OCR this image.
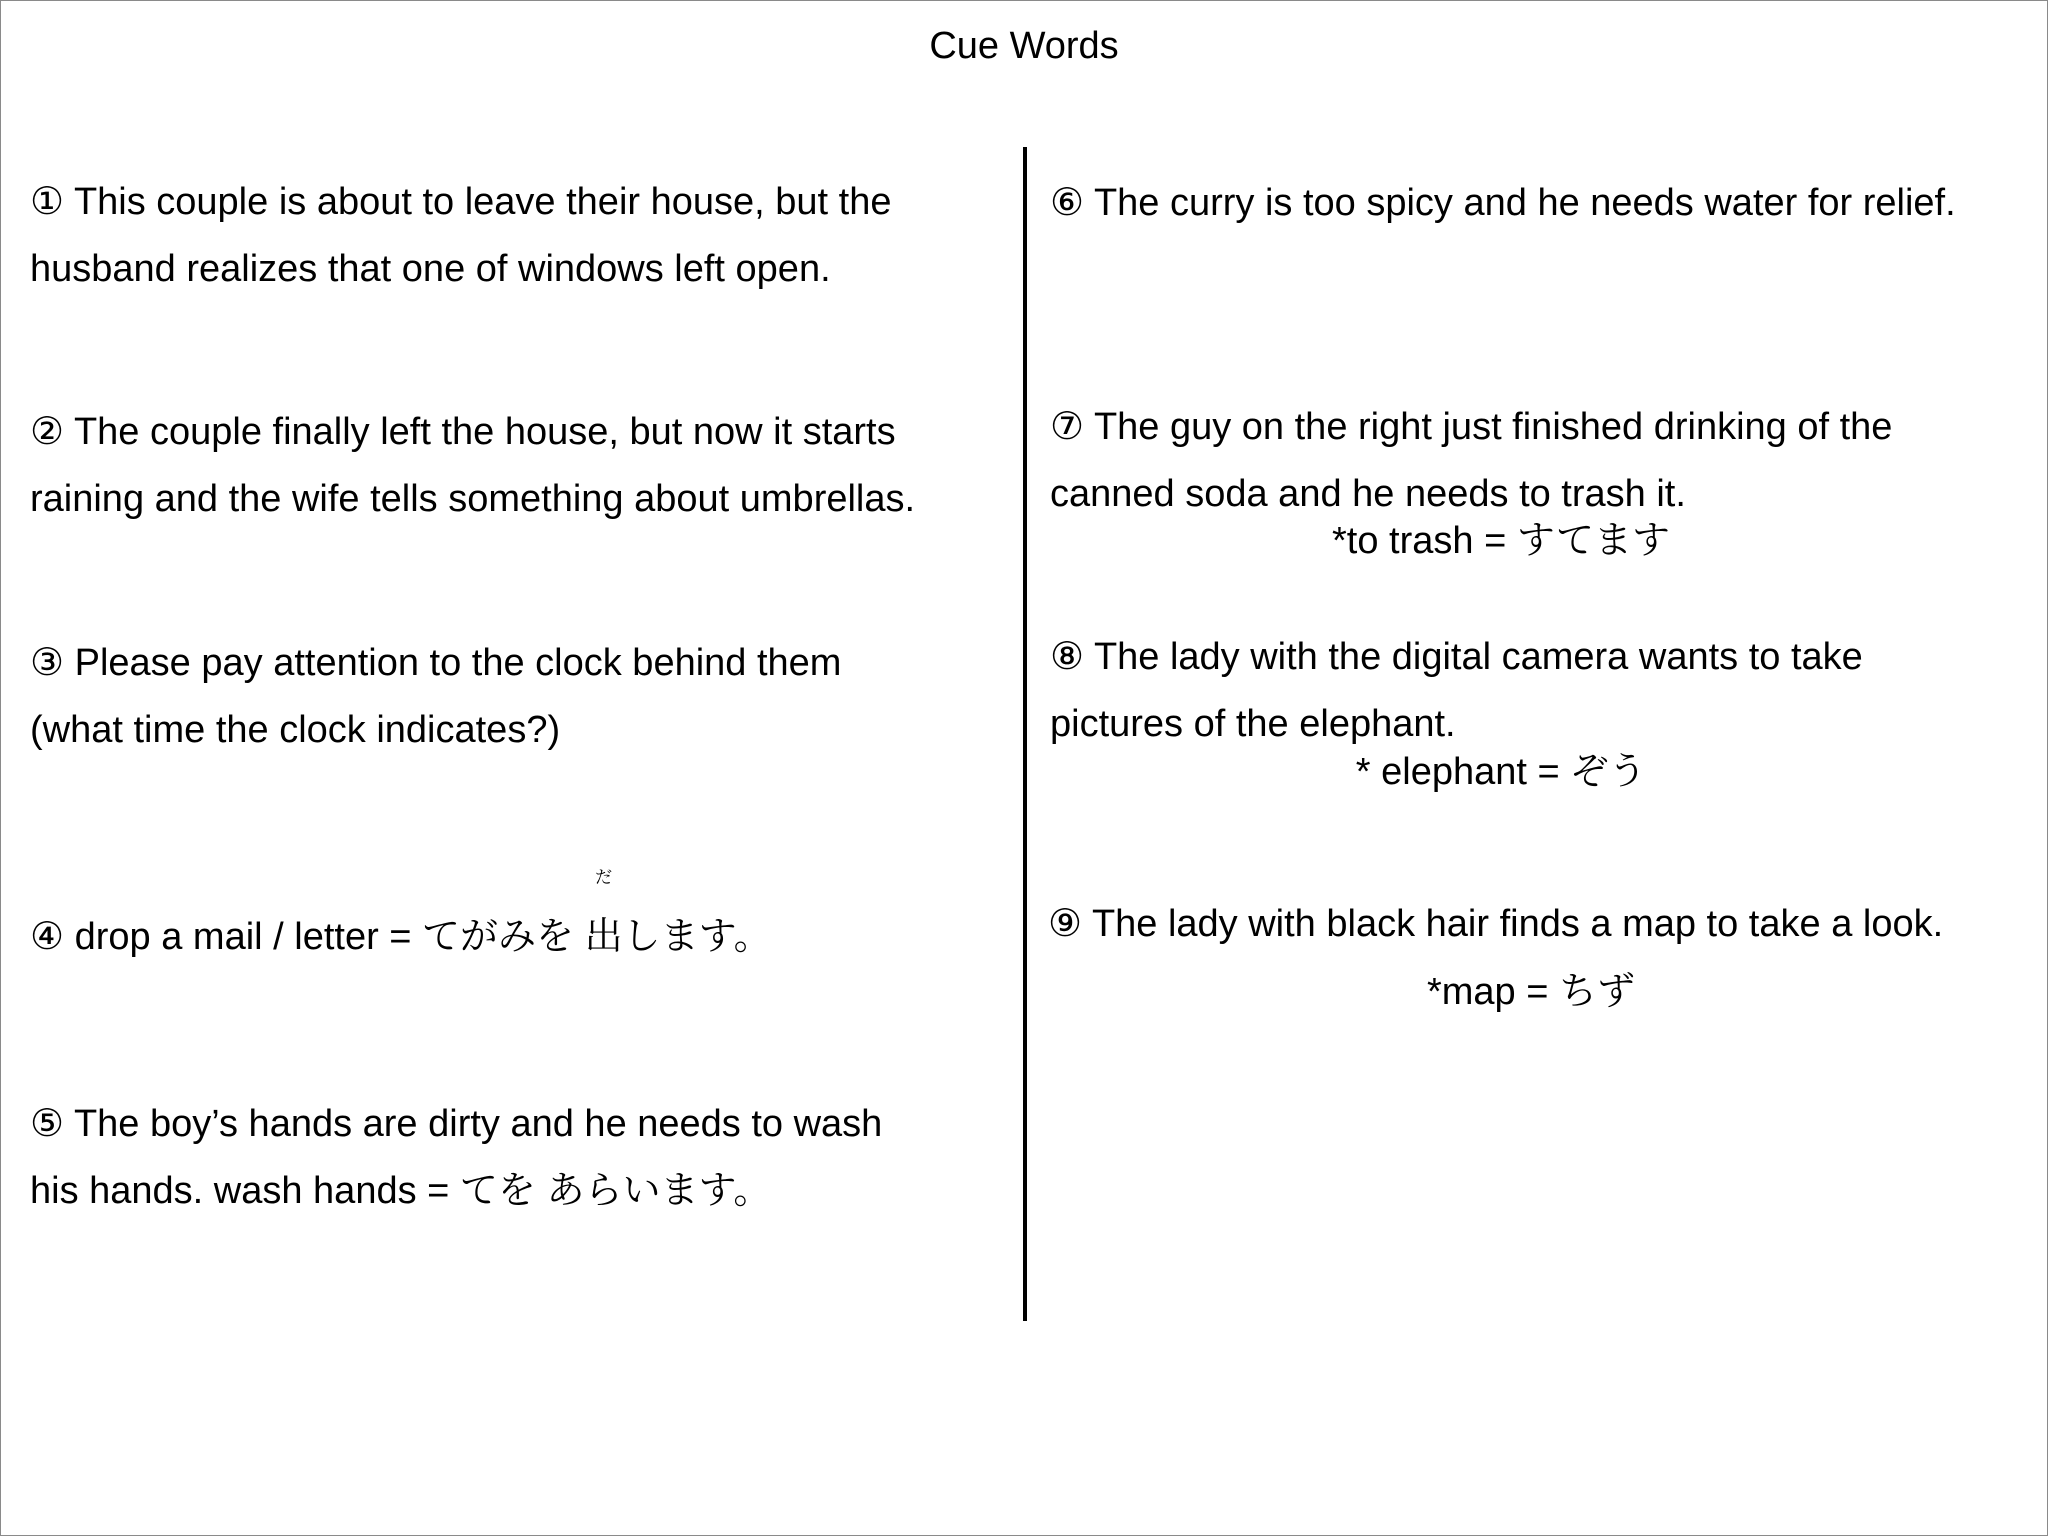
Cue Words
① This couple is about to leave their house, but the
husband realizes that one of windows left open.
② The couple finally left the house, but now it starts
raining and the wife tells something about umbrellas.
③ Please pay attention to the clock behind them
(what time the clock indicates?)
④ drop a mail / letter = てがみを
だ
出します。
⑤ The boy’s hands are dirty and he needs to wash
his hands. wash hands = てを あらいます。
⑥ The curry is too spicy and he needs water for relief.
⑦ The guy on the right just finished drinking of the
canned soda and he needs to trash it.
*to trash = すてます
⑧ The lady with the digital camera wants to take
pictures of the elephant.
* elephant = ぞう
⑨ The lady with black hair finds a map to take a look.
*map = ちず
